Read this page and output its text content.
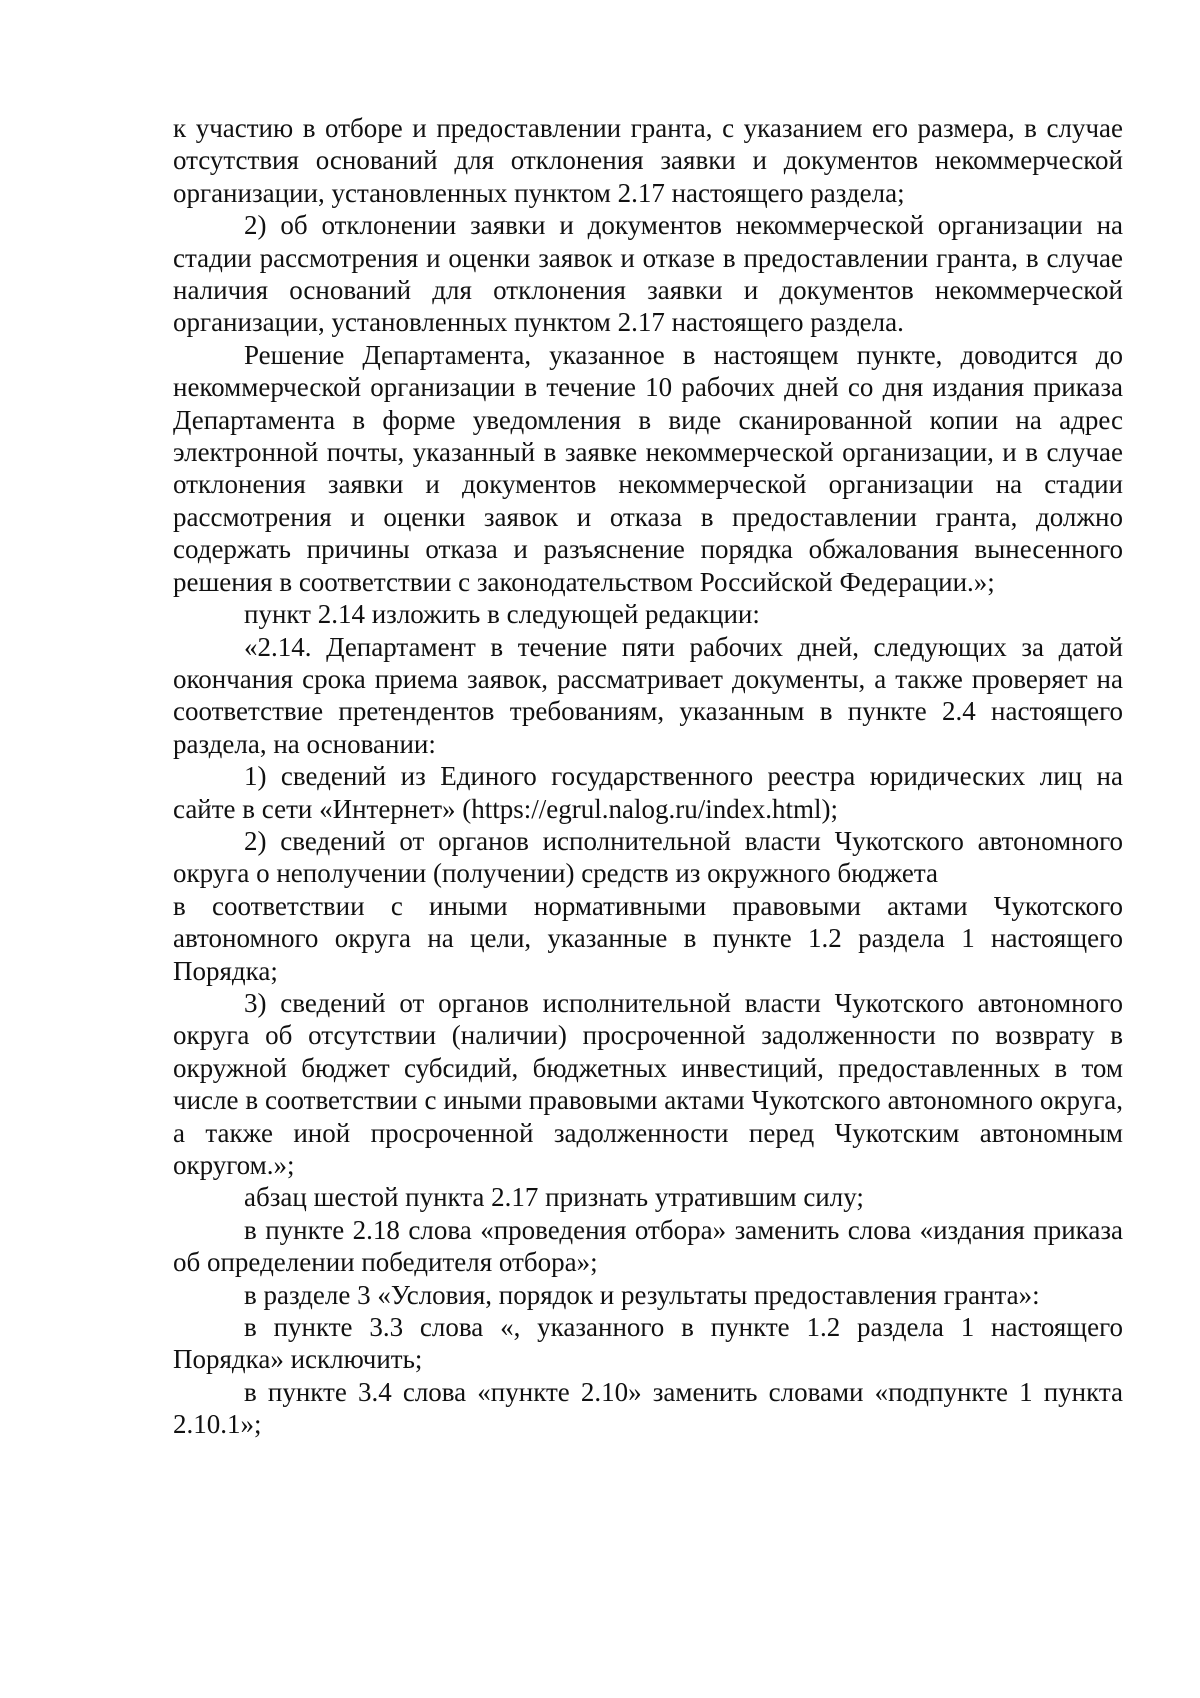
к участию в отборе и предоставлении гранта, с указанием его размера, в случае отсутствия оснований для отклонения заявки и документов некоммерческой организации, установленных пунктом 2.17 настоящего раздела;

2) об отклонении заявки и документов некоммерческой организации на стадии рассмотрения и оценки заявок и отказе в предоставлении гранта, в случае наличия оснований для отклонения заявки и документов некоммерческой организации, установленных пунктом 2.17 настоящего раздела.

Решение Департамента, указанное в настоящем пункте, доводится до некоммерческой организации в течение 10 рабочих дней со дня издания приказа Департамента в форме уведомления в виде сканированной копии на адрес электронной почты, указанный в заявке некоммерческой организации, и в случае отклонения заявки и документов некоммерческой организации на стадии рассмотрения и оценки заявок и отказа в предоставлении гранта, должно содержать причины отказа и разъяснение порядка обжалования вынесенного решения в соответствии с законодательством Российской Федерации.»;

пункт 2.14 изложить в следующей редакции:

«2.14. Департамент в течение пяти рабочих дней, следующих за датой окончания срока приема заявок, рассматривает документы, а также проверяет на соответствие претендентов требованиям, указанным в пункте 2.4 настоящего раздела, на основании:

1) сведений из Единого государственного реестра юридических лиц на сайте в сети «Интернет» (https://egrul.nalog.ru/index.html);

2) сведений от органов исполнительной власти Чукотского автономного округа о неполучении (получении) средств из окружного бюджета

в соответствии с иными нормативными правовыми актами Чукотского автономного округа на цели, указанные в пункте 1.2 раздела 1 настоящего Порядка;

3) сведений от органов исполнительной власти Чукотского автономного округа об отсутствии (наличии) просроченной задолженности по возврату в окружной бюджет субсидий, бюджетных инвестиций, предоставленных в том числе в соответствии с иными правовыми актами Чукотского автономного округа, а также иной просроченной задолженности перед Чукотским автономным округом.»;

абзац шестой пункта 2.17 признать утратившим силу;

в пункте 2.18 слова «проведения отбора» заменить слова «издания приказа об определении победителя отбора»;

в разделе 3 «Условия, порядок и результаты предоставления гранта»:

в пункте 3.3 слова «, указанного в пункте 1.2 раздела 1 настоящего Порядка» исключить;

в пункте 3.4 слова «пункте 2.10» заменить словами «подпункте 1 пункта 2.10.1»;
